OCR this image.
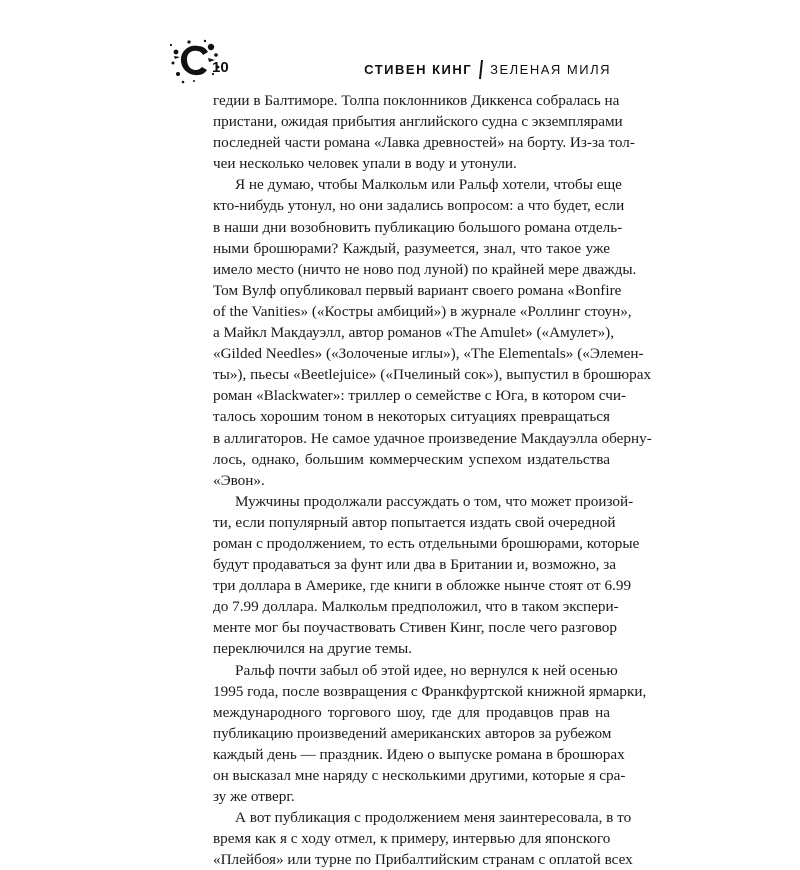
10	СТИВЕН КИНГ ЗЕЛЕНАЯ МИЛЯ
гедии в Балтиморе. Толпа поклонников Диккенса собралась на
пристани, ожидая прибытия английского судна с экземплярами
последней части романа «Лавка древностей» на борту. Из-за тол-
чеи несколько человек упали в воду и утонули.
Я не думаю, чтобы Малкольм или Ральф хотели, чтобы еще
кто-нибудь утонул, но они задались вопросом: а что будет, если
в наши дни возобновить публикацию большого романа отдель-
ными брошюрами? Каждый, разумеется, знал, что такое уже
имело место (ничто не ново под луной) по крайней мере дважды.
Том Вулф опубликовал первый вариант своего романа «Bonfire
of the Vanities» («Костры амбиций») в журнале «Роллинг стоун»,
а Майкл Макдауэлл, автор романов «The Amulet» («Амулет»),
«Gilded Needles» («Золоченые иглы»), «The Elementals» («Элемен-
ты»), пьесы «Beetlejuice» («Пчелиный сок»), выпустил в брошюрах
роман «Blackwater»: триллер о семействе с Юга, в котором счи-
талось хорошим тоном в некоторых ситуациях превращаться
в аллигаторов. Не самое удачное произведение Макдауэлла оберну-
лось, однако, большим коммерческим успехом издательства
«Эвон».
Мужчины продолжали рассуждать о том, что может произой-
ти, если популярный автор попытается издать свой очередной
роман с продолжением, то есть отдельными брошюрами, которые
будут продаваться за фунт или два в Британии и, возможно, за
три доллара в Америке, где книги в обложке нынче стоят от 6.99
до 7.99 доллара. Малкольм предположил, что в таком экспери-
менте мог бы поучаствовать Стивен Кинг, после чего разговор
переключился на другие темы.
Ральф почти забыл об этой идее, но вернулся к ней осенью
1995 года, после возвращения с Франкфуртской книжной ярмарки,
международного торгового шоу, где для продавцов прав на
публикацию произведений американских авторов за рубежом
каждый день — праздник. Идею о выпуске романа в брошюрах
он высказал мне наряду с несколькими другими, которые я сра-
зу же отверг.
А вот публикация с продолжением меня заинтересовала, в то
время как я с ходу отмел, к примеру, интервью для японского
«Плейбоя» или турне по Прибалтийским странам с оплатой всех
